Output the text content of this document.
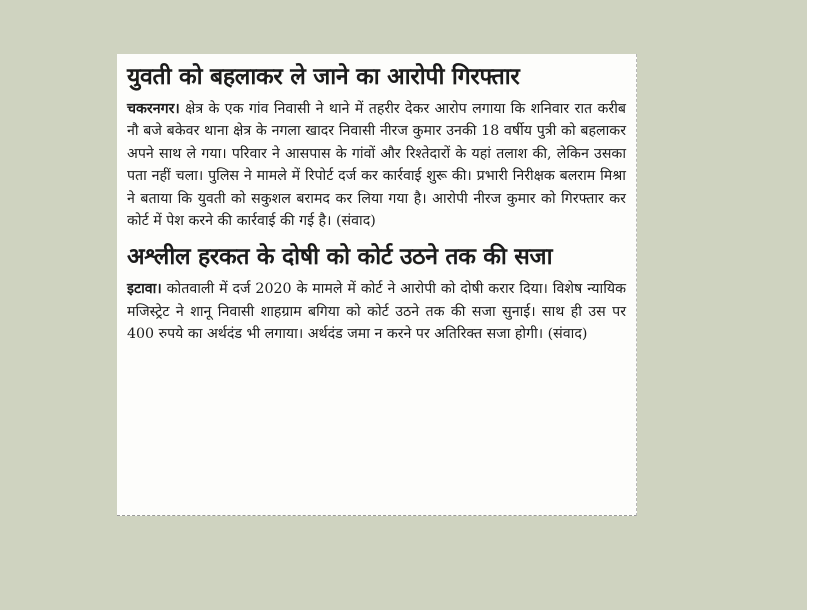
युवती को बहलाकर ले जाने का आरोपी गिरफ्तार

चकरनगर। क्षेत्र के एक गांव निवासी ने थाने में तहरीर देकर आरोप लगाया कि शनिवार रात करीब नौ बजे बकेवर थाना क्षेत्र के नगला खादर निवासी नीरज कुमार उनकी 18 वर्षीय पुत्री को बहलाकर अपने साथ ले गया। परिवार ने आसपास के गांवों और रिश्तेदारों के यहां तलाश की, लेकिन उसका पता नहीं चला। पुलिस ने मामले में रिपोर्ट दर्ज कर कार्रवाई शुरू की। प्रभारी निरीक्षक बलराम मिश्रा ने बताया कि युवती को सकुशल बरामद कर लिया गया है। आरोपी नीरज कुमार को गिरफ्तार कर कोर्ट में पेश करने की कार्रवाई की गई है। (संवाद)

अश्लील हरकत के दोषी को कोर्ट उठने तक की सजा

इटावा। कोतवाली में दर्ज 2020 के मामले में कोर्ट ने आरोपी को दोषी करार दिया। विशेष न्यायिक मजिस्ट्रेट ने शानू निवासी शाहग्राम बगिया को कोर्ट उठने तक की सजा सुनाई। साथ ही उस पर 400 रुपये का अर्थदंड भी लगाया। अर्थदंड जमा न करने पर अतिरिक्त सजा होगी। (संवाद)
